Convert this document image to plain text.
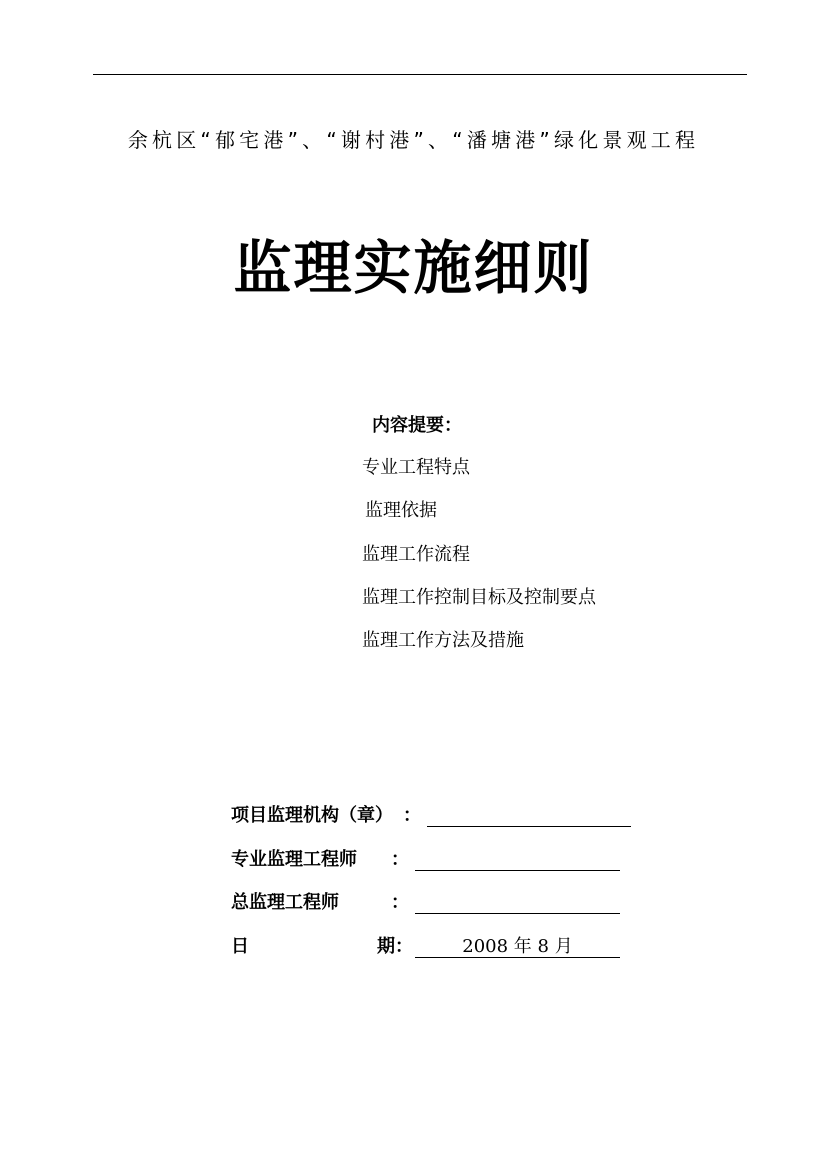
余杭区“郁宅港”、“谢村港”、“潘塘港”绿化景观工程
监理实施细则
内容提要：
专业工程特点
监理依据
监理工作流程
监理工作控制目标及控制要点
监理工作方法及措施
项目监理机构（章） ：
专业监理工程师 ：
总监理工程师	：
日	期：	2008 年 8 月
